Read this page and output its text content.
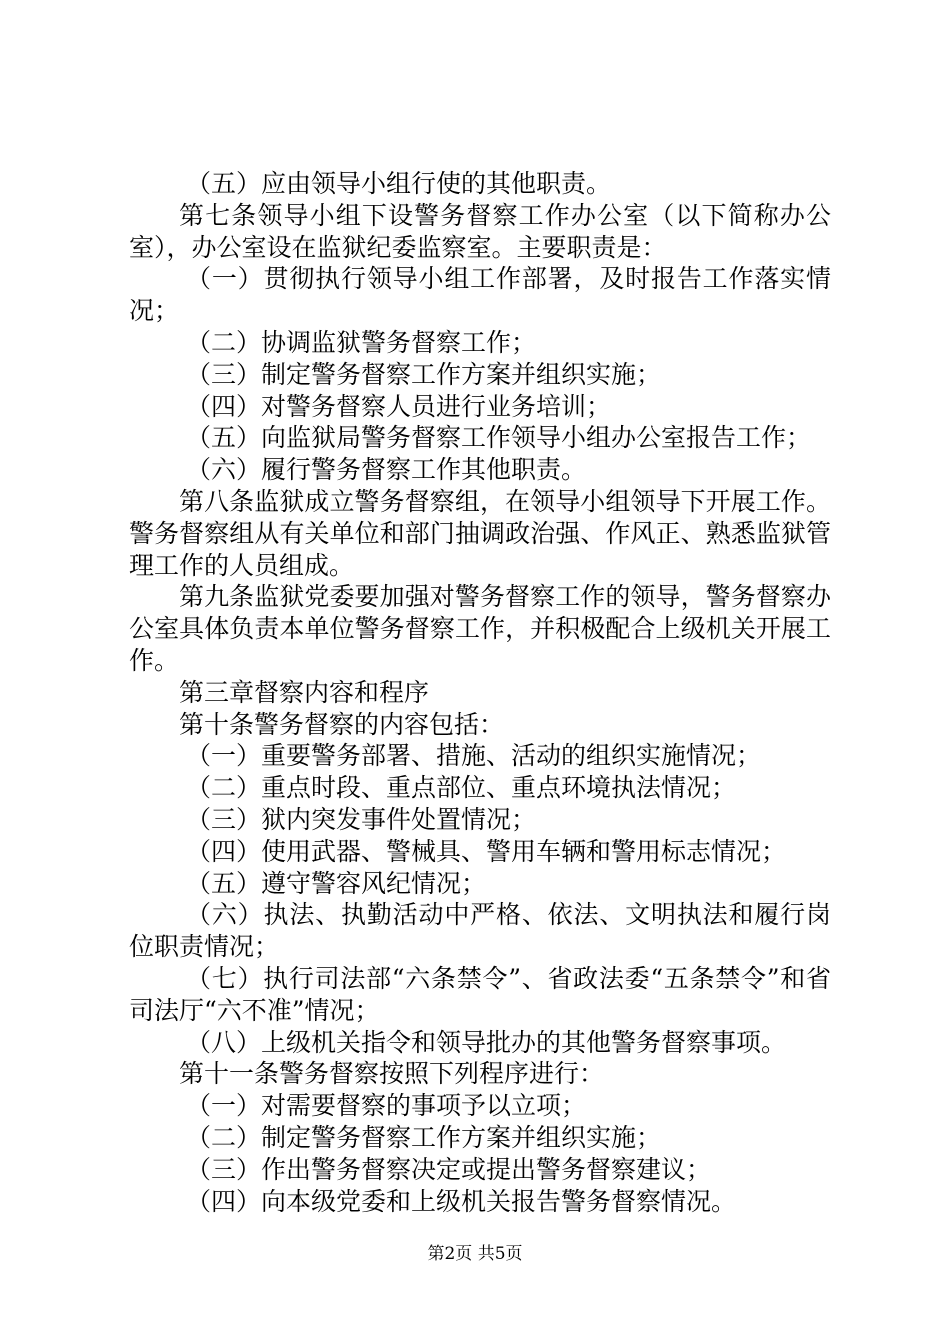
（五）应由领导小组行使的其他职责。

第七条领导小组下设警务督察工作办公室（以下简称办公室），办公室设在监狱纪委监察室。主要职责是：

（一）贯彻执行领导小组工作部署，及时报告工作落实情况；

（二）协调监狱警务督察工作；

（三）制定警务督察工作方案并组织实施；

（四）对警务督察人员进行业务培训；

（五）向监狱局警务督察工作领导小组办公室报告工作；

（六）履行警务督察工作其他职责。

第八条监狱成立警务督察组，在领导小组领导下开展工作。警务督察组从有关单位和部门抽调政治强、作风正、熟悉监狱管理工作的人员组成。

第九条监狱党委要加强对警务督察工作的领导，警务督察办公室具体负责本单位警务督察工作，并积极配合上级机关开展工作。

第三章督察内容和程序

第十条警务督察的内容包括：

（一）重要警务部署、措施、活动的组织实施情况；

（二）重点时段、重点部位、重点环境执法情况；

（三）狱内突发事件处置情况；

（四）使用武器、警械具、警用车辆和警用标志情况；

（五）遵守警容风纪情况；

（六）执法、执勤活动中严格、依法、文明执法和履行岗位职责情况；

（七）执行司法部“六条禁令”、省政法委“五条禁令”和省司法厅“六不准”情况；

（八）上级机关指令和领导批办的其他警务督察事项。

第十一条警务督察按照下列程序进行：

（一）对需要督察的事项予以立项；

（二）制定警务督察工作方案并组织实施；

（三）作出警务督察决定或提出警务督察建议；

（四）向本级党委和上级机关报告警务督察情况。

第2页 共5页
